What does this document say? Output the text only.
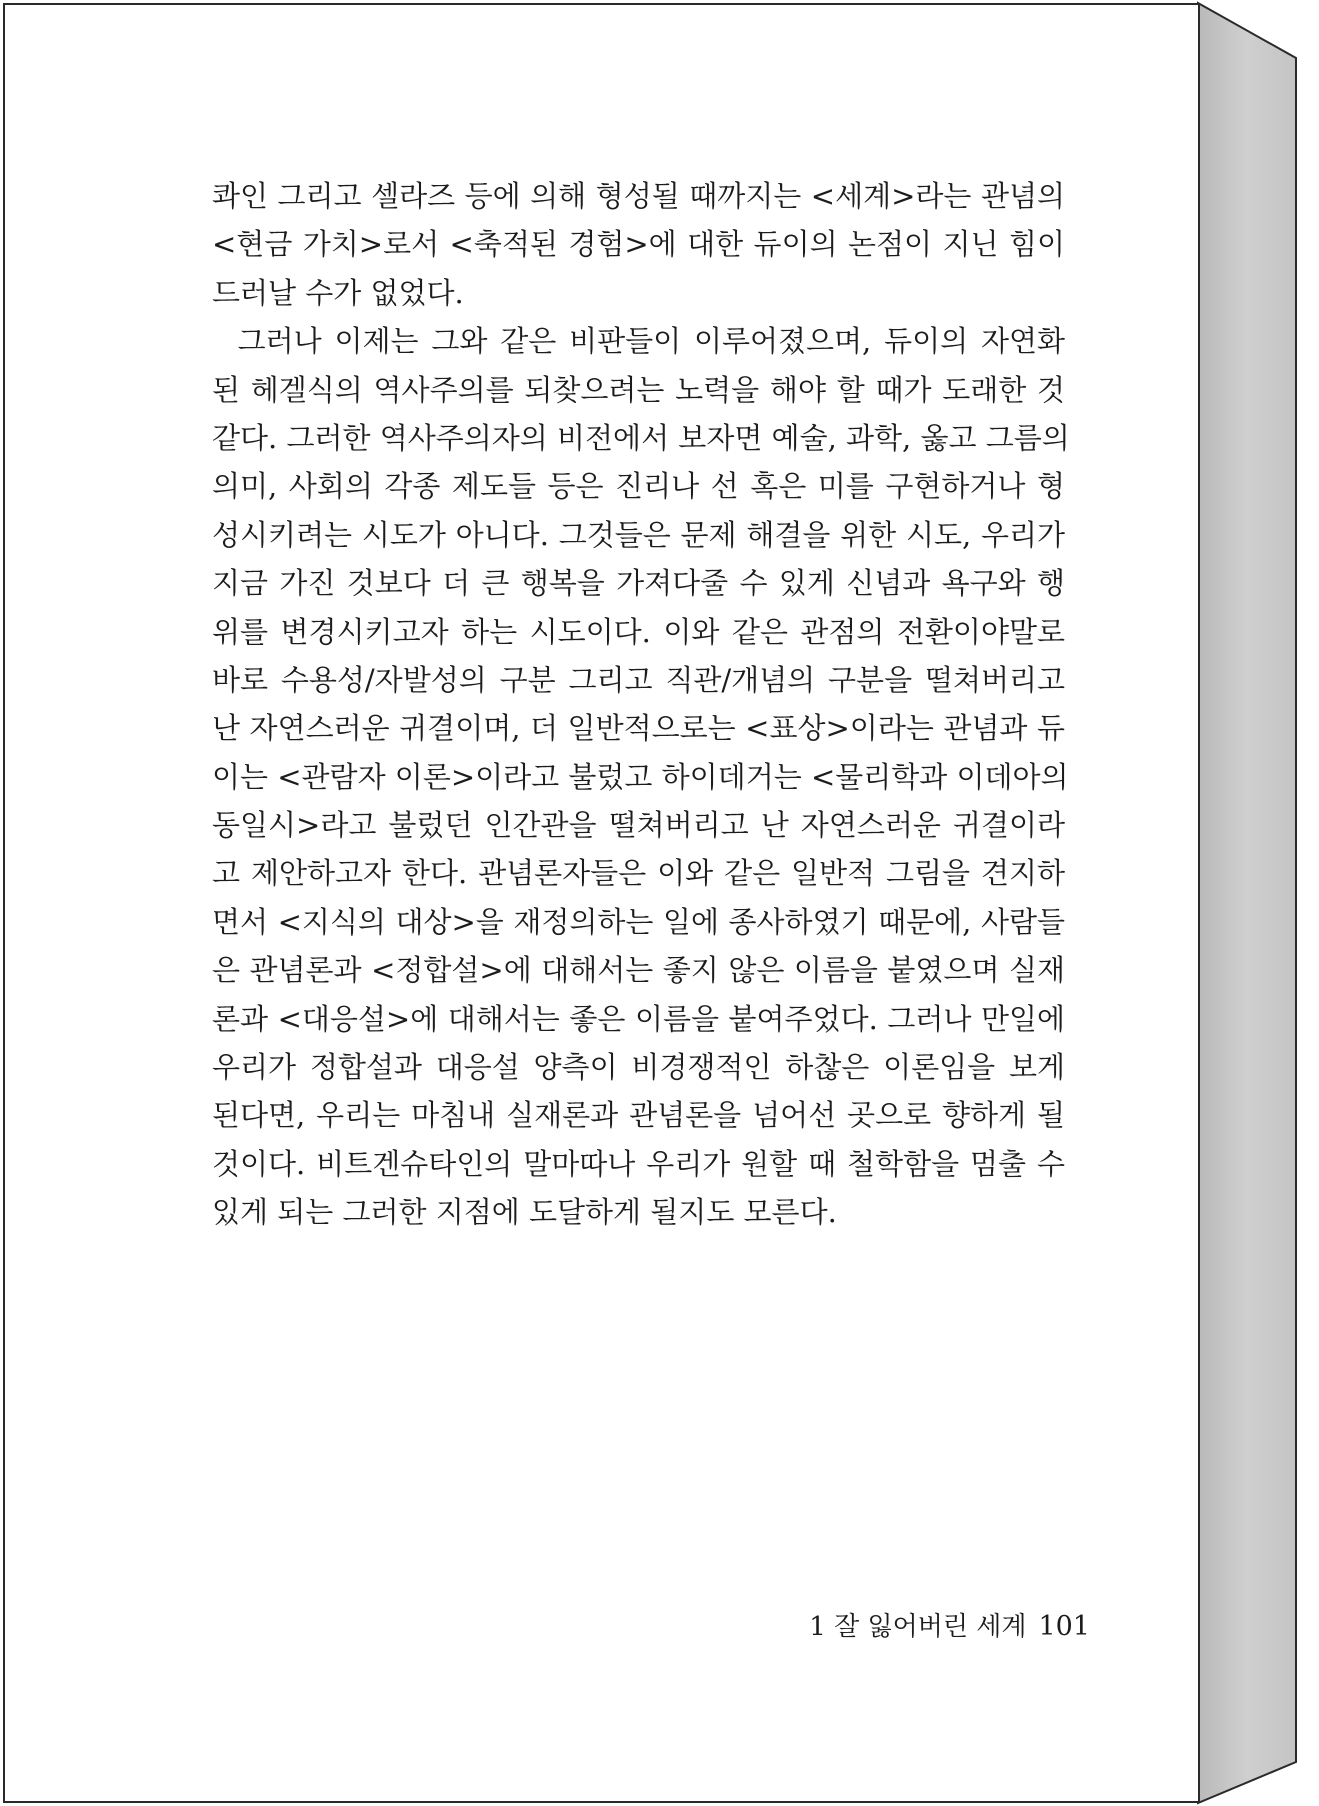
콰인 그리고 셀라즈 등에 의해 형성될 때까지는 <세계>라는 관념의
<현금 가치>로서 <축적된 경험>에 대한 듀이의 논점이 지닌 힘이
드러날 수가 없었다.
그러나 이제는 그와 같은 비판들이 이루어졌으며, 듀이의 자연화
된 헤겔식의 역사주의를 되찾으려는 노력을 해야 할 때가 도래한 것
같다. 그러한 역사주의자의 비전에서 보자면 예술, 과학, 옳고 그름의
의미, 사회의 각종 제도들 등은 진리나 선 혹은 미를 구현하거나 형
성시키려는 시도가 아니다. 그것들은 문제 해결을 위한 시도, 우리가
지금 가진 것보다 더 큰 행복을 가져다줄 수 있게 신념과 욕구와 행
위를 변경시키고자 하는 시도이다. 이와 같은 관점의 전환이야말로
바로 수용성/자발성의 구분 그리고 직관/개념의 구분을 떨쳐버리고
난 자연스러운 귀결이며, 더 일반적으로는 <표상>이라는 관념과 듀
이는 <관람자 이론>이라고 불렀고 하이데거는 <물리학과 이데아의
동일시>라고 불렀던 인간관을 떨쳐버리고 난 자연스러운 귀결이라
고 제안하고자 한다. 관념론자들은 이와 같은 일반적 그림을 견지하
면서 <지식의 대상>을 재정의하는 일에 종사하였기 때문에, 사람들
은 관념론과 <정합설>에 대해서는 좋지 않은 이름을 붙였으며 실재
론과 <대응설>에 대해서는 좋은 이름을 붙여주었다. 그러나 만일에
우리가 정합설과 대응설 양측이 비경쟁적인 하찮은 이론임을 보게
된다면, 우리는 마침내 실재론과 관념론을 넘어선 곳으로 향하게 될
것이다. 비트겐슈타인의 말마따나 우리가 원할 때 철학함을 멈출 수
있게 되는 그러한 지점에 도달하게 될지도 모른다.
1 잘 잃어버린 세계 101
